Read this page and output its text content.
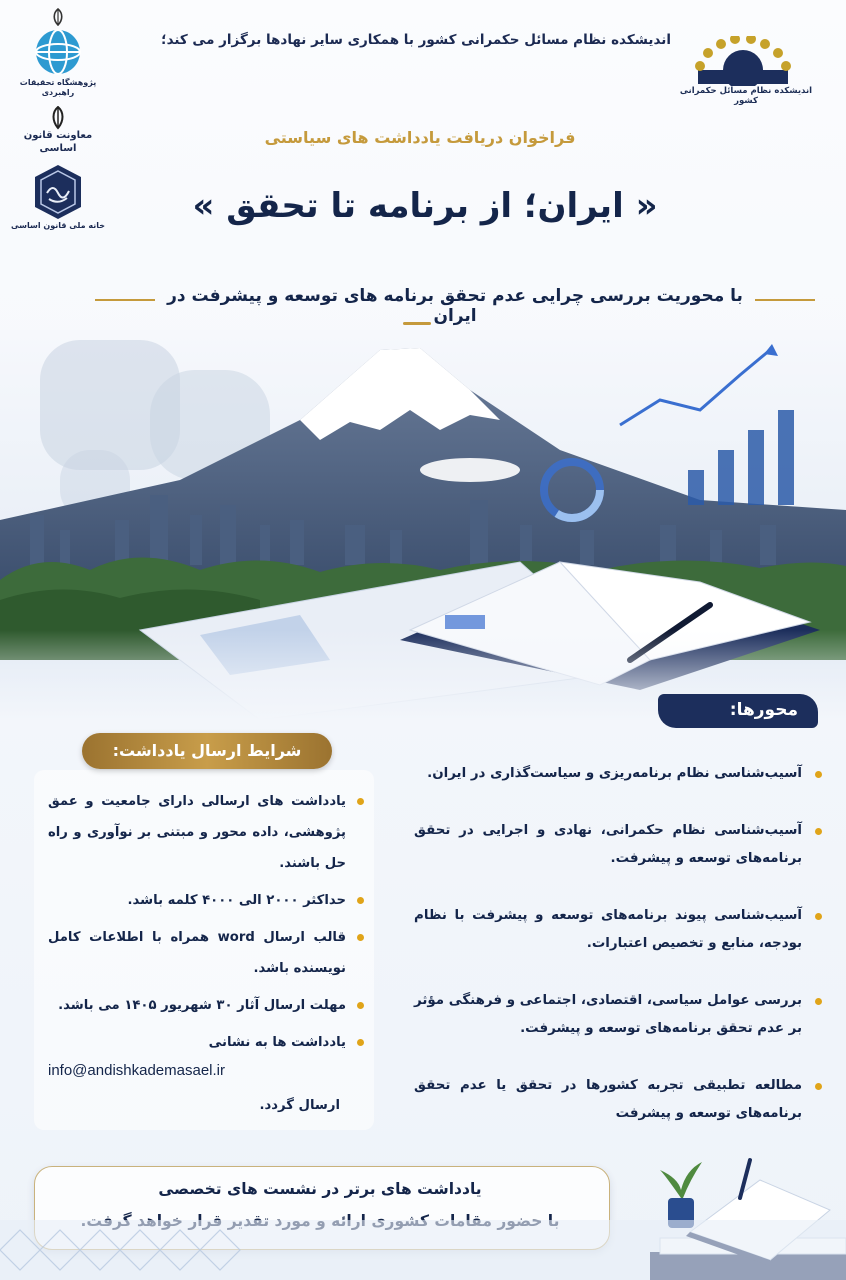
اندیشکده نظام مسائل حکمرانی کشور
اندیشکده نظام مسائل حکمرانی کشور با همکاری سایر نهادها برگزار می کند؛
پژوهشگاه تحقیقات راهبردی
معاونت قانون اساسی
خانه ملی قانون اساسی
فراخوان دریافت یادداشت های سیاستی
« ایران؛ از برنامه تا تحقق »
با محوریت بررسی چرایی عدم تحقق برنامه های توسعه و پیشرفت در ایران
محورها:
آسیب‌شناسی نظام برنامه‌ریزی و سیاست‌گذاری در ایران.
آسیب‌شناسی نظام حکمرانی، نهادی و اجرایی در تحقق برنامه‌های توسعه و پیشرفت.
آسیب‌شناسی پیوند برنامه‌های توسعه و پیشرفت با نظام بودجه، منابع و تخصیص اعتبارات.
بررسی عوامل سیاسی، اقتصادی، اجتماعی و فرهنگی مؤثر بر عدم تحقق برنامه‌های توسعه و پیشرفت.
مطالعه تطبیقی تجربه کشورها در تحقق یا عدم تحقق برنامه‌های توسعه و پیشرفت
شرایط ارسال یادداشت:
یادداشت های ارسالی دارای جامعیت و عمق پژوهشی، داده محور و مبتنی بر نوآوری و راه حل باشند.
حداکثر ۲۰۰۰ الی ۴۰۰۰ کلمه باشد.
قالب ارسال word همراه با اطلاعات کامل نویسنده باشد.
مهلت ارسال آثار ۳۰ شهریور ۱۴۰۵ می باشد.
یادداشت ها به نشانی
info@andishkademasael.ir
ارسال گردد.
یادداشت های برتر در نشست های تخصصی
